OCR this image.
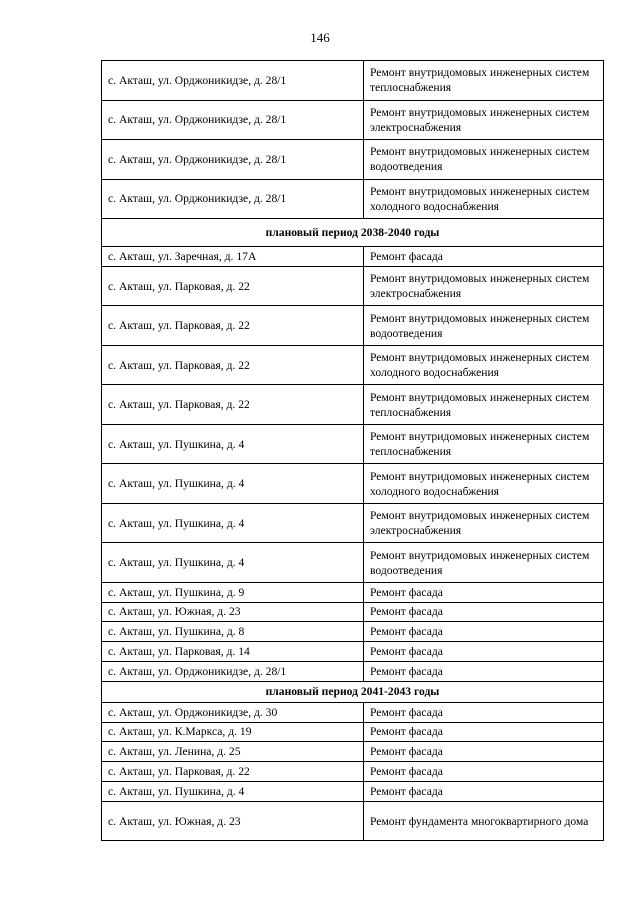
146
с. Акташ, ул. Орджоникидзе, д. 28/1	Ремонт внутридомовых инженерных систем теплоснабжения
с. Акташ, ул. Орджоникидзе, д. 28/1	Ремонт внутридомовых инженерных систем электроснабжения
с. Акташ, ул. Орджоникидзе, д. 28/1	Ремонт внутридомовых инженерных систем водоотведения
с. Акташ, ул. Орджоникидзе, д. 28/1	Ремонт внутридомовых инженерных систем холодного водоснабжения
плановый период 2038-2040 годы	
с. Акташ, ул. Заречная, д. 17А	Ремонт фасада
с. Акташ, ул. Парковая, д. 22	Ремонт внутридомовых инженерных систем электроснабжения
с. Акташ, ул. Парковая, д. 22	Ремонт внутридомовых инженерных систем водоотведения
с. Акташ, ул. Парковая, д. 22	Ремонт внутридомовых инженерных систем холодного водоснабжения
с. Акташ, ул. Парковая, д. 22	Ремонт внутридомовых инженерных систем теплоснабжения
с. Акташ, ул. Пушкина, д. 4	Ремонт внутридомовых инженерных систем теплоснабжения
с. Акташ, ул. Пушкина, д. 4	Ремонт внутридомовых инженерных систем холодного водоснабжения
с. Акташ, ул. Пушкина, д. 4	Ремонт внутридомовых инженерных систем электроснабжения
с. Акташ, ул. Пушкина, д. 4	Ремонт внутридомовых инженерных систем водоотведения
с. Акташ, ул. Пушкина, д. 9	Ремонт фасада
с. Акташ, ул. Южная, д. 23	Ремонт фасада
с. Акташ, ул. Пушкина, д. 8	Ремонт фасада
с. Акташ, ул. Парковая, д. 14	Ремонт фасада
с. Акташ, ул. Орджоникидзе, д. 28/1	Ремонт фасада
плановый период 2041-2043 годы	
с. Акташ, ул. Орджоникидзе, д. 30	Ремонт фасада
с. Акташ, ул. К.Маркса, д. 19	Ремонт фасада
с. Акташ, ул. Ленина, д. 25	Ремонт фасада
с. Акташ, ул. Парковая, д. 22	Ремонт фасада
с. Акташ, ул. Пушкина, д. 4	Ремонт фасада
с. Акташ, ул. Южная, д. 23	Ремонт фундамента многоквартирного дома
